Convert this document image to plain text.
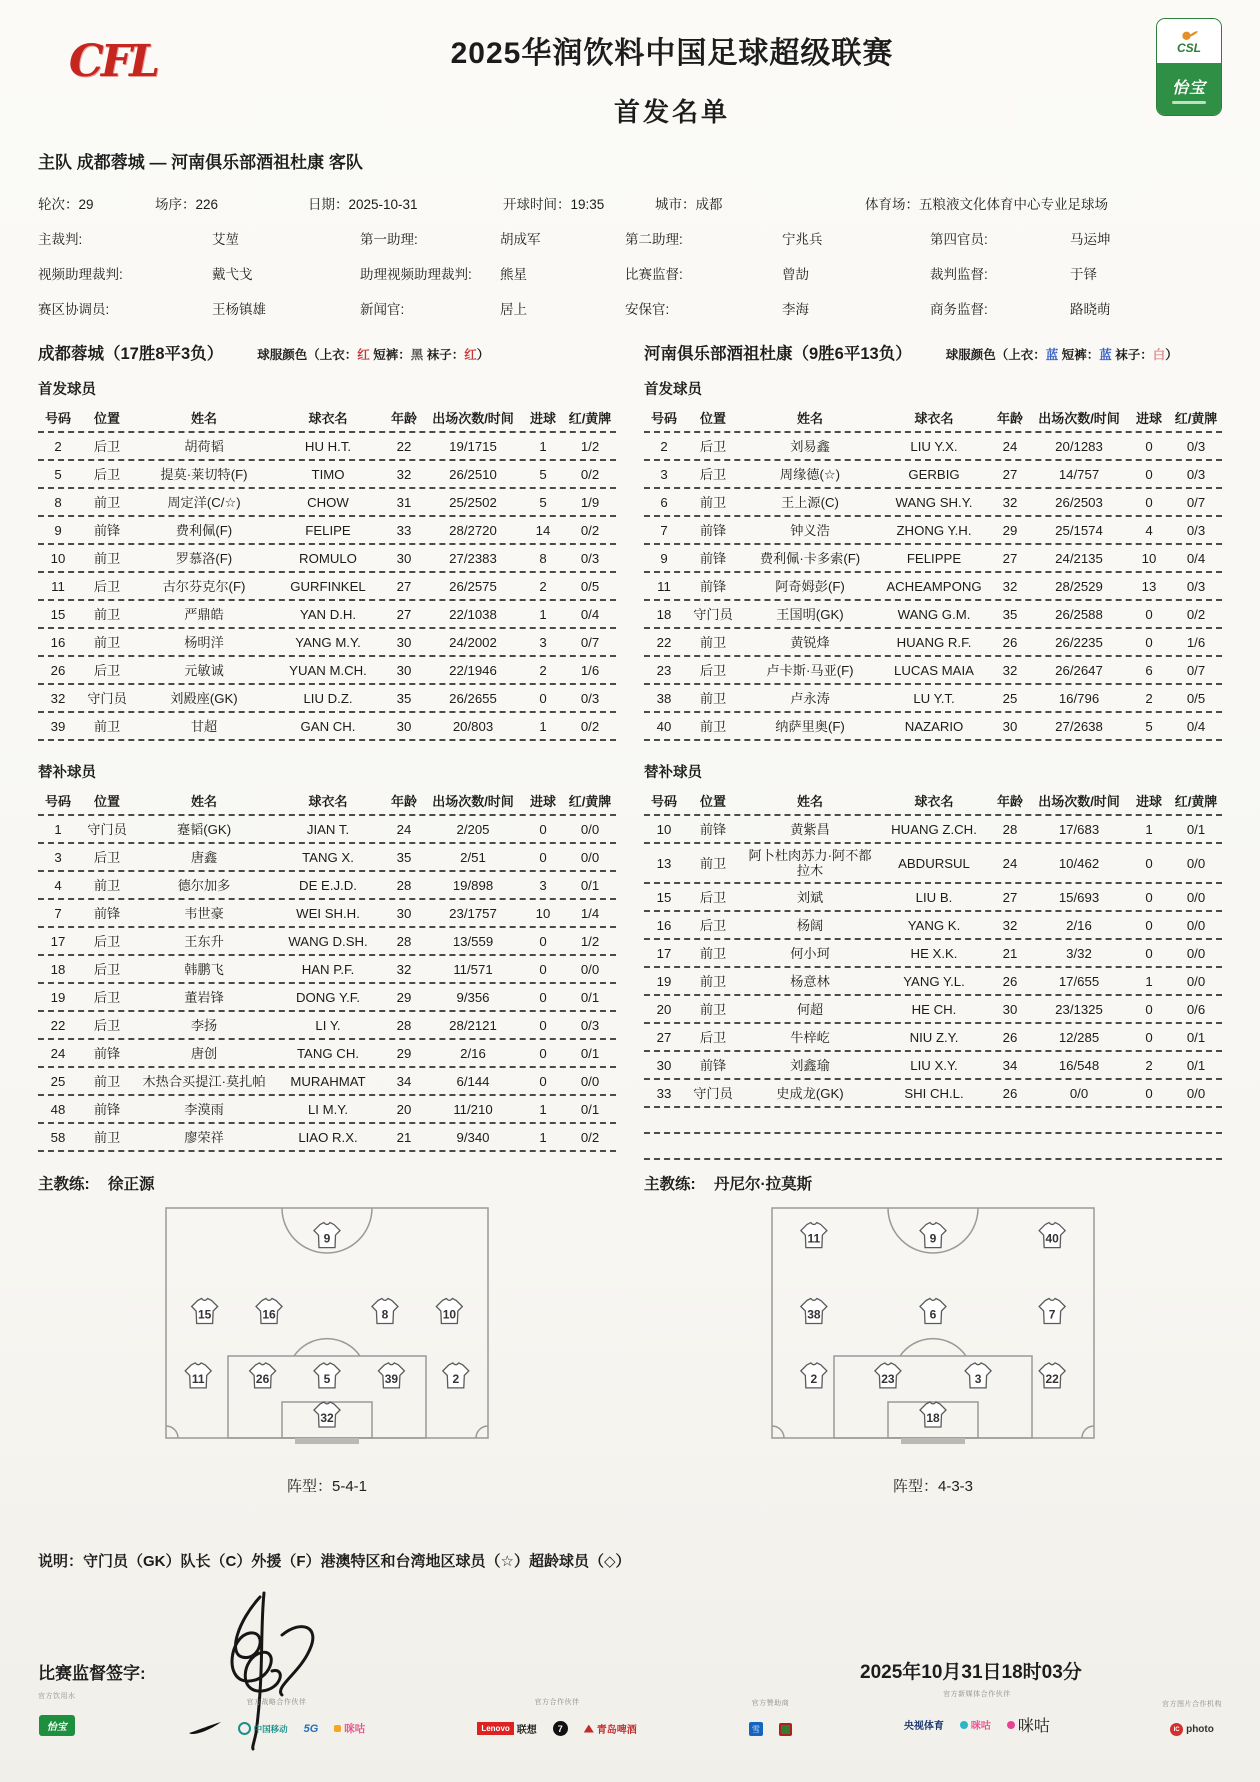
CFL	2025华润饮料中国足球超级联赛
首发名单
CSL
怡宝
主队 成都蓉城 — 河南俱乐部酒祖杜康 客队
轮次：29	场序：226	日期：2025-10-31	开球时间：19:35	城市：成都	体育场：五粮液文化体育中心专业足球场
主裁判:	艾堃	第一助理:	胡成军	第二助理:	宁兆兵	第四官员:	马运坤
视频助理裁判:	戴弋戈	助理视频助理裁判:	熊星	比赛监督:	曾劼	裁判监督:	于铎
赛区协调员:	王杨镇雄	新闻官:	居上	安保官:	李海	商务监督:	路晓萌
成都蓉城（17胜8平3负）	球服颜色（上衣：红 短裤：黑 袜子：红）
首发球员
号码	位置	姓名	球衣名	年龄	出场次数/时间	进球 红/黄牌
2	后卫	胡荷韬	HU H.T.	22	19/1715	1	1/2
5	后卫	提莫·莱切特(F)	TIMO	32	26/2510	5	0/2
8	前卫	周定洋(C/☆)	CHOW	31	25/2502	5	1/9
9	前锋	费利佩(F)	FELIPE	33	28/2720	14	0/2
10	前卫	罗慕洛(F)	ROMULO	30	27/2383	8	0/3
11	后卫	古尔芬克尔(F)	GURFINKEL	27	26/2575	2	0/5
15	前卫	严鼎皓	YAN D.H.	27	22/1038	1	0/4
16	前卫	杨明洋	YANG M.Y.	30	24/2002	3	0/7
26	后卫	元敏诚	YUAN M.CH.	30	22/1946	2	1/6
32	守门员	刘殿座(GK)	LIU D.Z.	35	26/2655	0	0/3
39	前卫	甘超	GAN CH.	30	20/803	1	0/2
替补球员
号码	位置	姓名	球衣名	年龄	出场次数/时间	进球 红/黄牌
1	守门员	蹇韬(GK)	JIAN T.	24	2/205	0	0/0
3	后卫	唐鑫	TANG X.	35	2/51	0	0/0
4	前卫	德尔加多	DE E.J.D.	28	19/898	3	0/1
7	前锋	韦世豪	WEI SH.H.	30	23/1757	10	1/4
17	后卫	王东升	WANG D.SH.	28	13/559	0	1/2
18	后卫	韩鹏飞	HAN P.F.	32	11/571	0	0/0
19	后卫	董岩锋	DONG Y.F.	29	9/356	0	0/1
22	后卫	李扬	LI Y.	28	28/2121	0	0/3
24	前锋	唐创	TANG CH.	29	2/16	0	0/1
25	前卫	木热合买提江·莫扎帕	MURAHMAT	34	6/144	0	0/0
48	前锋	李漠雨	LI M.Y.	20	11/210	1	0/1
58	前卫	廖荣祥	LIAO R.X.	21	9/340	1	0/2
河南俱乐部酒祖杜康（9胜6平13负）	球服颜色（上衣：蓝 短裤：蓝 袜子：白）
首发球员
号码	位置	姓名	球衣名	年龄	出场次数/时间	进球 红/黄牌
2	后卫	刘易鑫	LIU Y.X.	24	20/1283	0	0/3
3	后卫	周缘德(☆)	GERBIG	27	14/757	0	0/3
6	前卫	王上源(C)	WANG SH.Y.	32	26/2503	0	0/7
7	前锋	钟义浩	ZHONG Y.H.	29	25/1574	4	0/3
9	前锋	费利佩·卡多索(F)	FELIPPE	27	24/2135	10	0/4
11	前锋	阿奇姆彭(F)	ACHEAMPONG	32	28/2529	13	0/3
18	守门员	王国明(GK)	WANG G.M.	35	26/2588	0	0/2
22	前卫	黄锐烽	HUANG R.F.	26	26/2235	0	1/6
23	后卫	卢卡斯·马亚(F)	LUCAS MAIA	32	26/2647	6	0/7
38	前卫	卢永涛	LU Y.T.	25	16/796	2	0/5
40	前卫	纳萨里奥(F)	NAZARIO	30	27/2638	5	0/4
替补球员
号码	位置	姓名	球衣名	年龄	出场次数/时间	进球 红/黄牌
10	前锋	黄紫昌	HUANG Z.CH.	28	17/683	1	0/1
13	前卫	阿卜杜肉苏力·阿不都拉木	ABDURSUL	24	10/462	0	0/0
15	后卫	刘斌	LIU B.	27	15/693	0	0/0
16	后卫	杨阔	YANG K.	32	2/16	0	0/0
17	前卫	何小珂	HE X.K.	21	3/32	0	0/0
19	前卫	杨意林	YANG Y.L.	26	17/655	1	0/0
20	前卫	何超	HE CH.	30	23/1325	0	0/6
27	后卫	牛梓屹	NIU Z.Y.	26	12/285	0	0/1
30	前锋	刘鑫瑜	LIU X.Y.	34	16/548	2	0/1
33	守门员	史成龙(GK)	SHI CH.L.	26	0/0	0	0/0
主教练: 徐正源
9
15	16	8	10
11	26	5	39	2
32
阵型：5-4-1
主教练: 丹尼尔·拉莫斯
11	9	40
38	6	7
2	23	3	22
18
阵型：4-3-3
说明：守门员（GK）队长（C）外援（F）港澳特区和台湾地区球员（☆）超龄球员（◇）
比赛监督签字:	2025年10月31日18时03分
官方饮用水
怡宝
官方战略合作伙伴
中国移动 5G 咪咕
官方合作伙伴
Lenovo 联想	7	青岛啤酒
官方赞助商
雪
官方新媒体合作伙伴
央视体育	咪咕 咪咕
官方图片合作机构
IC photo
